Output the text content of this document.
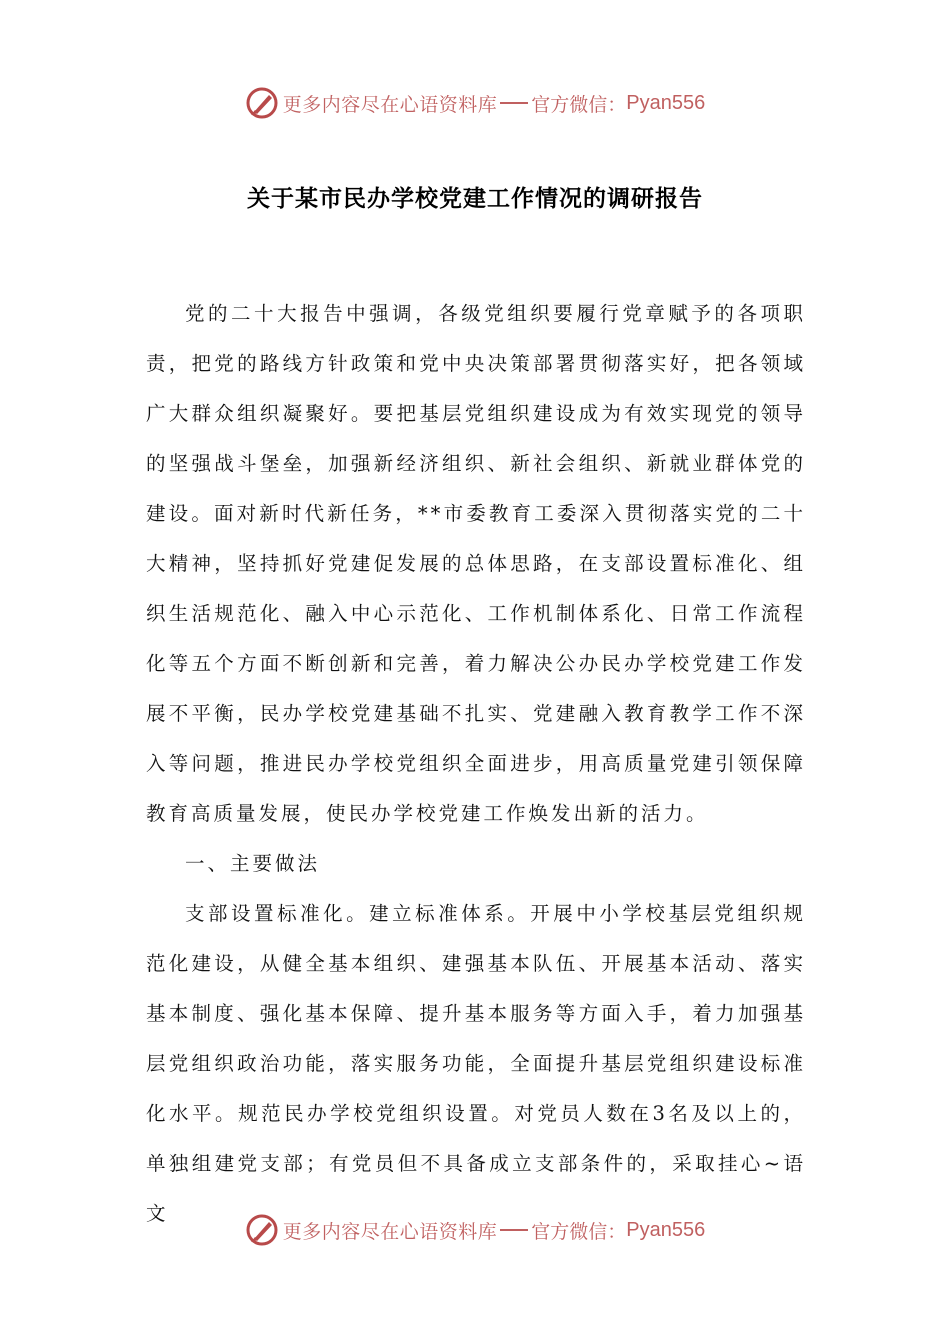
更多内容尽在心语资料库 官方微信： Pyan556
关于某市民办学校党建工作情况的调研报告

党的二十大报告中强调，各级党组织要履行党章赋予的各项职责，把党的路线方针政策和党中央决策部署贯彻落实好，把各领域广大群众组织凝聚好。要把基层党组织建设成为有效实现党的领导的坚强战斗堡垒，加强新经济组织、新社会组织、新就业群体党的建设。面对新时代新任务，**市委教育工委深入贯彻落实党的二十大精神，坚持抓好党建促发展的总体思路，在支部设置标准化、组织生活规范化、融入中心示范化、工作机制体系化、日常工作流程化等五个方面不断创新和完善，着力解决公办民办学校党建工作发展不平衡，民办学校党建基础不扎实、党建融入教育教学工作不深入等问题，推进民办学校党组织全面进步，用高质量党建引领保障教育高质量发展，使民办学校党建工作焕发出新的活力。

一、主要做法

支部设置标准化。建立标准体系。开展中小学校基层党组织规范化建设，从健全基本组织、建强基本队伍、开展基本活动、落实基本制度、强化基本保障、提升基本服务等方面入手，着力加强基层党组织政治功能，落实服务功能，全面提升基层党组织建设标准化水平。规范民办学校党组织设置。对党员人数在3名及以上的，单独组建党支部；有党员但不具备成立支部条件的，采取挂心~语文

更多内容尽在心语资料库 官方微信： Pyan556
